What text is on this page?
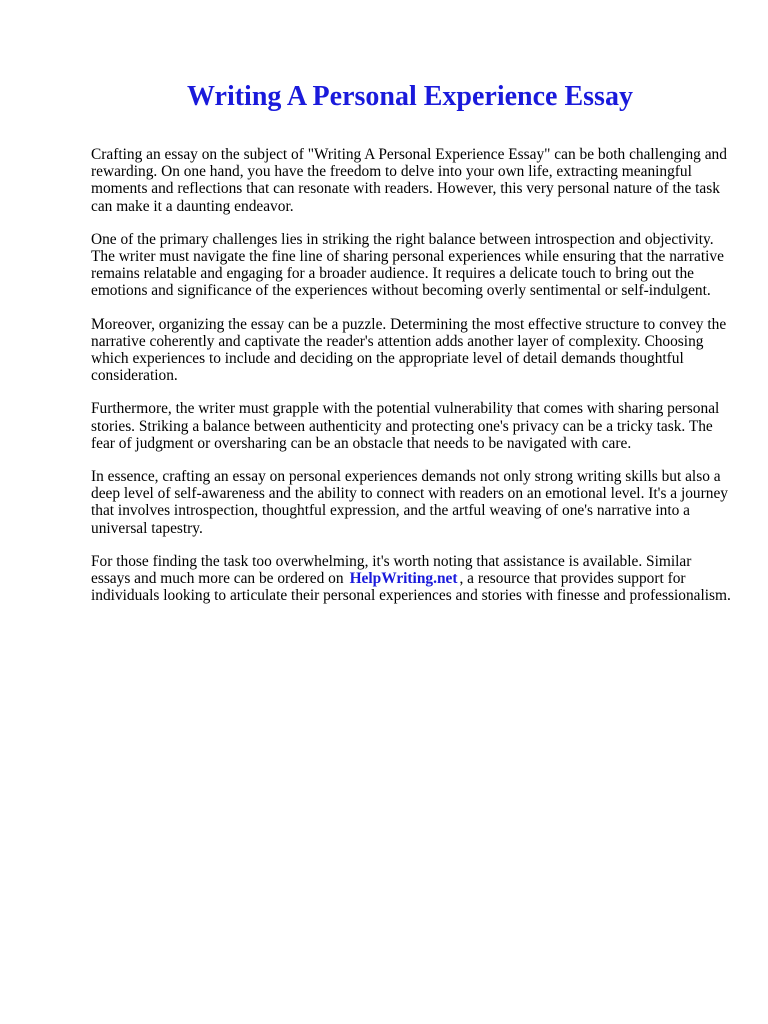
Writing A Personal Experience Essay

Crafting an essay on the subject of "Writing A Personal Experience Essay" can be both challenging and rewarding. On one hand, you have the freedom to delve into your own life, extracting meaningful moments and reflections that can resonate with readers. However, this very personal nature of the task can make it a daunting endeavor.

One of the primary challenges lies in striking the right balance between introspection and objectivity. The writer must navigate the fine line of sharing personal experiences while ensuring that the narrative remains relatable and engaging for a broader audience. It requires a delicate touch to bring out the emotions and significance of the experiences without becoming overly sentimental or self-indulgent.

Moreover, organizing the essay can be a puzzle. Determining the most effective structure to convey the narrative coherently and captivate the reader's attention adds another layer of complexity. Choosing which experiences to include and deciding on the appropriate level of detail demands thoughtful consideration.

Furthermore, the writer must grapple with the potential vulnerability that comes with sharing personal stories. Striking a balance between authenticity and protecting one's privacy can be a tricky task. The fear of judgment or oversharing can be an obstacle that needs to be navigated with care.

In essence, crafting an essay on personal experiences demands not only strong writing skills but also a deep level of self-awareness and the ability to connect with readers on an emotional level. It's a journey that involves introspection, thoughtful expression, and the artful weaving of one's narrative into a universal tapestry.

For those finding the task too overwhelming, it's worth noting that assistance is available. Similar essays and much more can be ordered on HelpWriting.net , a resource that provides support for individuals looking to articulate their personal experiences and stories with finesse and professionalism.
